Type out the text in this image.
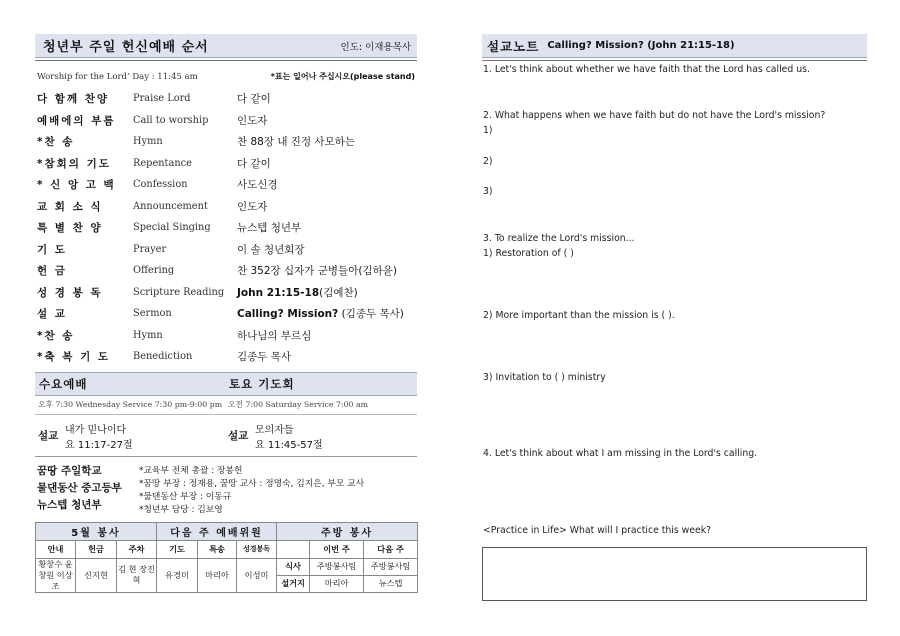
청년부 주일 헌신예배 순서	인도: 이재용목사
Worship for the Lord’ Day : 11:45 am	*표는 일어나 주십시오(please stand)
다 함께 찬양	Praise Lord	다 같이
예배에의 부름	Call to worship	인도자
*찬 송	Hymn	찬 88장 내 진정 사모하는
*참회의 기도	Repentance	다 같이
* 신 앙 고 백	Confession	사도신경
교 회 소 식	Announcement	인도자
특 별 찬 양	Special Singing	뉴스텝 청년부
기 도	Prayer	이 솔 청년회장
헌 금	Offering	찬 352장 십자가 군병들아(김하윤)
성 경 봉 독	Scripture Reading	John 21:15-18(김예찬)
설 교	Sermon	Calling? Mission? (김종두 목사)
*찬 송	Hymn	하나님의 부르심
*축 복 기 도	Benediction	김종두 목사
수요예배	토요 기도회
오후 7:30 Wednesday Service 7:30 pm-9:00 pm 오전 7:00 Saturday Service 7:00 am
설교 내가 믿나이다
요 11:17-27절
설교 모의자들
요 11:45-57절
꿈땅 주일학교
물댄동산 중고등부
뉴스텝 청년부
*교육부 전체 총괄 : 장봉헌
*꿈땅 부장 : 정재용, 꿈땅 교사 : 정명숙, 김지은, 부모 교사
*물댄동산 부장 : 이동규
*청년부 담당 : 김보영
5월 봉사			다음 주 예배위원			주방 봉사		
안내	헌금	주차	기도	특송	성경봉독		이번 주	다음 주
황창수 윤창원 이상조	신지현	김 현 장진혁	유경미	마리아	이성미	식사	주방봉사팀	주방봉사팀
						설거지	마리아	뉴스텝
설교노트 Calling? Mission? (John 21:15-18)
1. Let's think about whether we have faith that the Lord has called us.
2. What happens when we have faith but do not have the Lord's mission?
1)
2)
3)
3. To realize the Lord's mission...
1) Restoration of ( )
2) More important than the mission is ( ).
3) Invitation to ( ) ministry
4. Let's think about what I am missing in the Lord's calling.
<Practice in Life> What will I practice this week?
